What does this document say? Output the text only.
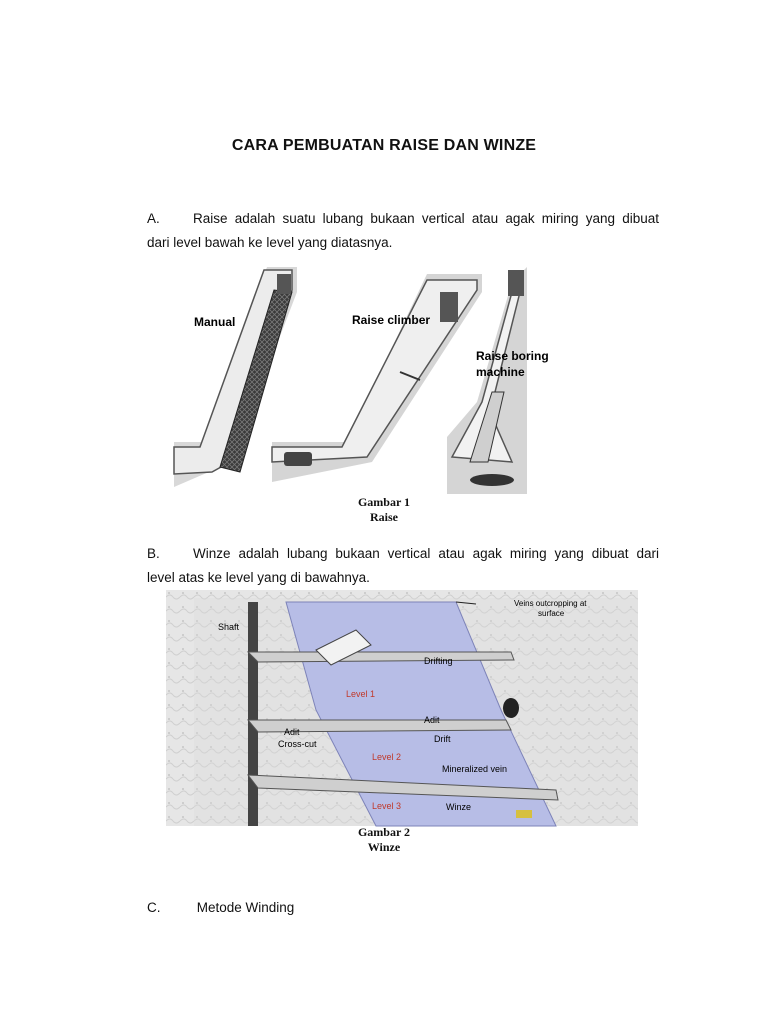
CARA PEMBUATAN RAISE DAN WINZE
A.	Raise adalah suatu lubang bukaan vertical atau agak miring yang dibuat
dari level bawah ke level yang diatasnya.
Manual	Raise climber
Raise boring
machine
Gambar 1
Raise
B.	Winze adalah lubang bukaan vertical atau agak miring yang dibuat dari
level atas ke level yang di bawahnya.
Shaft
Veins outcropping at
surface
Drifting
Level 1
Adit
Adit
Cross-cut	Drift
Level 2
Mineralized vein
Level 3	Winze
Gambar 2
Winze
C.	Metode Winding
